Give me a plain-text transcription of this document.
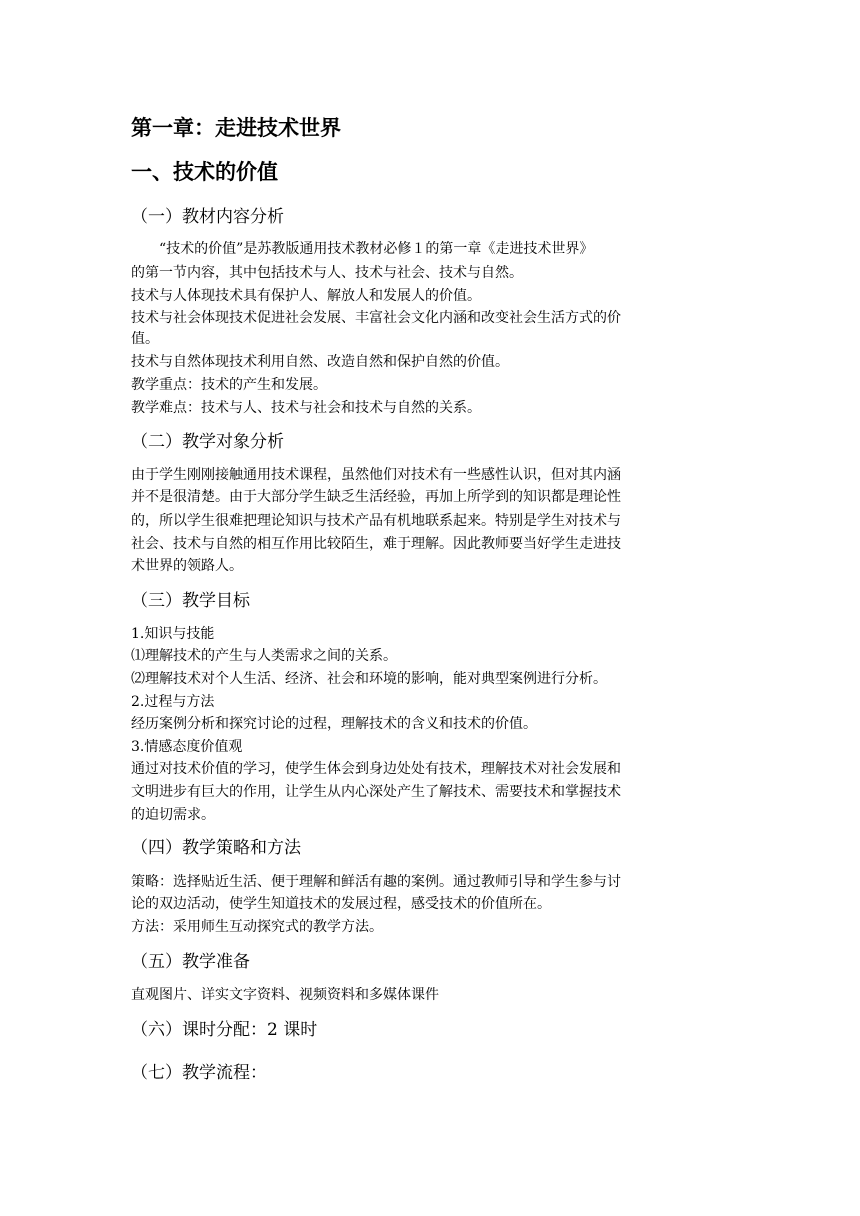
第一章：走进技术世界
一、技术的价值
（一）教材内容分析
　　“技术的价值”是苏教版通用技术教材必修１的第一章《走进技术世界》
的第一节内容，其中包括技术与人、技术与社会、技术与自然。
技术与人体现技术具有保护人、解放人和发展人的价值。
技术与社会体现技术促进社会发展、丰富社会文化内涵和改变社会生活方式的价
值。
技术与自然体现技术利用自然、改造自然和保护自然的价值。
教学重点：技术的产生和发展。
教学难点：技术与人、技术与社会和技术与自然的关系。
（二）教学对象分析
由于学生刚刚接触通用技术课程，虽然他们对技术有一些感性认识，但对其内涵
并不是很清楚。由于大部分学生缺乏生活经验，再加上所学到的知识都是理论性
的，所以学生很难把理论知识与技术产品有机地联系起来。特别是学生对技术与
社会、技术与自然的相互作用比较陌生，难于理解。因此教师要当好学生走进技
术世界的领路人。
（三）教学目标
1.知识与技能
⑴理解技术的产生与人类需求之间的关系。
⑵理解技术对个人生活、经济、社会和环境的影响，能对典型案例进行分析。
2.过程与方法
经历案例分析和探究讨论的过程，理解技术的含义和技术的价值。
3.情感态度价值观
通过对技术价值的学习，使学生体会到身边处处有技术，理解技术对社会发展和
文明进步有巨大的作用，让学生从内心深处产生了解技术、需要技术和掌握技术
的迫切需求。
（四）教学策略和方法
策略：选择贴近生活、便于理解和鲜活有趣的案例。通过教师引导和学生参与讨
论的双边活动，使学生知道技术的发展过程，感受技术的价值所在。
方法：采用师生互动探究式的教学方法。
（五）教学准备
直观图片、详实文字资料、视频资料和多媒体课件
（六）课时分配：2 课时
（七）教学流程：
